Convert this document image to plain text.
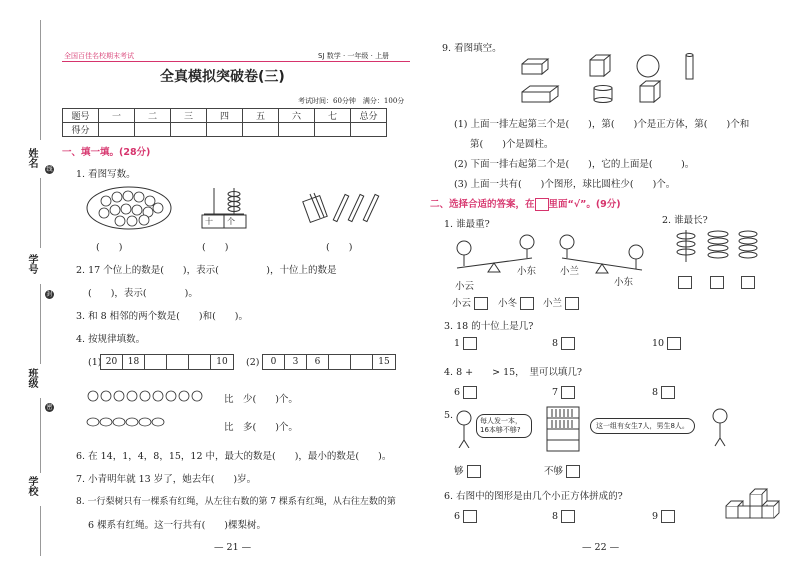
姓名
学号
班级
学校
线
封
密
全国百佳名校期末考试	SJ 数学 · 一年级 · 上册
全真模拟突破卷(三)
考试时间：60分钟　满分：100分
题号	一	二	三	四	五	六	七	总分
得分								
一、填一填。(28分)
1. 看图写数。
十 个
(　　)	(　　)	(　　)
2. 17 个位上的数是(　　)，表示(　　　　　)，十位上的数是
(　　)，表示(　　　　)。
3. 和 8 相邻的两个数是(　　)和(　　)。
4. 按规律填数。
(1) 20	18	10	(2)	0	3	6	15
比　少(　　)个。
比　多(　　)个。
6. 在 14，1，4，8，15，12 中，最大的数是(　　)，最小的数是(　　)。
7. 小青明年就 13 岁了，她去年(　　)岁。
8. 一行梨树只有一棵系有红绳，从左往右数的第 7 棵系有红绳，从右往左数的第
6 棵系有红绳。这一行共有(　　)棵梨树。
— 21 —
9. 看图填空。
(1) 上面一排左起第三个是(　　)，第(　　)个是正方体，第(　　)个和
第(　　)个是圆柱。
(2) 下面一排右起第二个是(　　)，它的上面是(　　　)。
(3) 上面一共有(　　)个图形，球比圆柱少(　　)个。
二、选择合适的答案，在 里面“√”。(9分)
1. 谁最重?
小云
小东	小兰
小东
小云	小冬	小兰
2. 谁最长?
3. 18 的十位上是几?
1	8	10
4. 8 +　　> 15，　里可以填几?
6	7	8
5.	每人发一本，16本够不够?	这一组有女生7人，男生8人。
够	不够
6. 右图中的图形是由几个小正方体拼成的?
6	8	9
— 22 —
